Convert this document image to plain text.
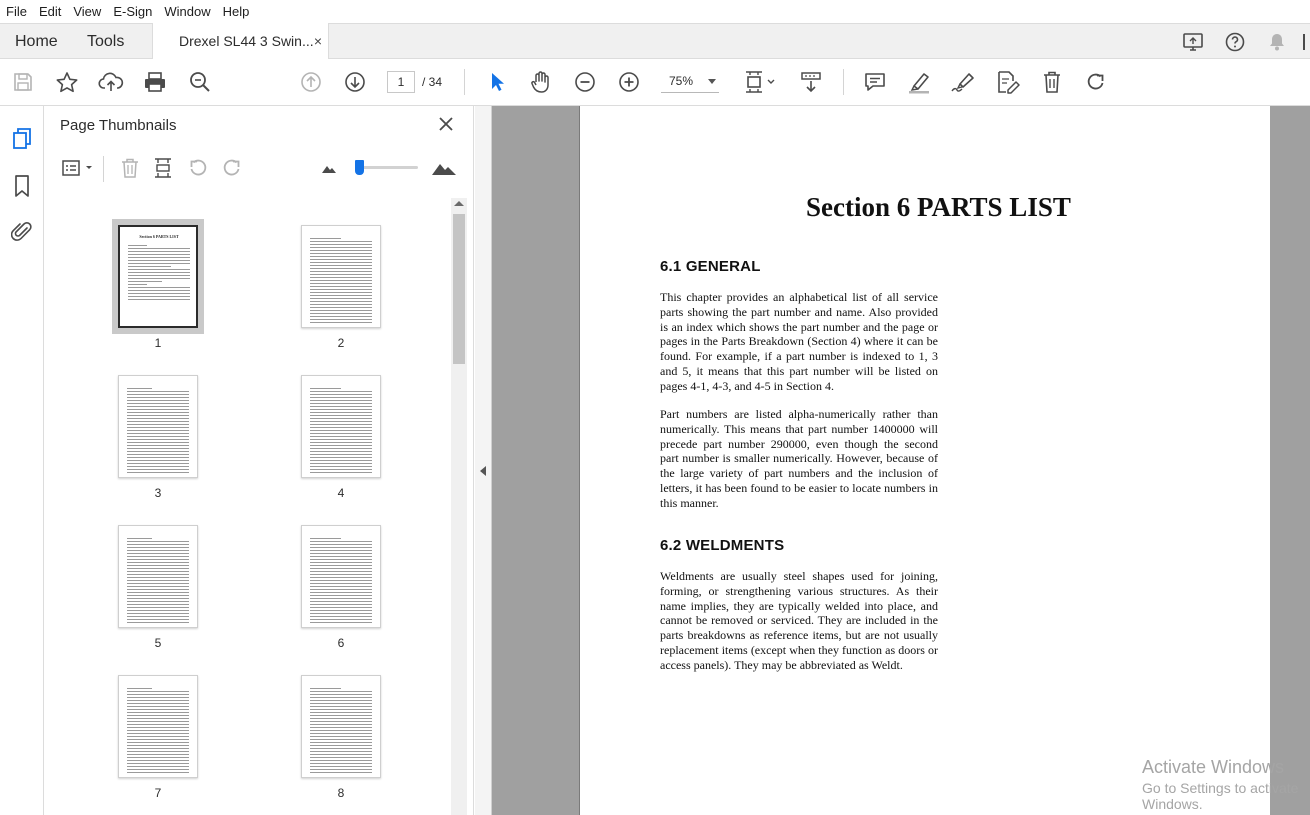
File Edit View E-Sign Window Help
Home Tools	Drexel SL44 3 Swin... ×
1	/ 34	75%
Page Thumbnails
Section 6 PARTS LIST
1	2
3	4
5	6
7	8
Section 6 PARTS LIST
6.1 GENERAL

This chapter provides an alphabetical list of all service parts showing the part number and name. Also provided is an index which shows the part number and the page or pages in the Parts Breakdown (Section 4) where it can be found. For example, if a part number is indexed to 1, 3 and 5, it means that this part number will be listed on pages 4-1, 4-3, and 4-5 in Section 4.

Part numbers are listed alpha-numerically rather than numerically. This means that part number 1400000 will precede part number 290000, even though the second part number is smaller numerically. However, because of the large variety of part numbers and the inclusion of letters, it has been found to be easier to locate numbers in this manner.

6.2 WELDMENTS

Weldments are usually steel shapes used for joining, forming, or strengthening various structures. As their name implies, they are typically welded into place, and cannot be removed or serviced. They are included in the parts breakdowns as reference items, but are not usually replacement items (except when they function as doors or access panels). They may be abbreviated as Weldt.

Activate Windows
Go to Settings to activate Windows.
